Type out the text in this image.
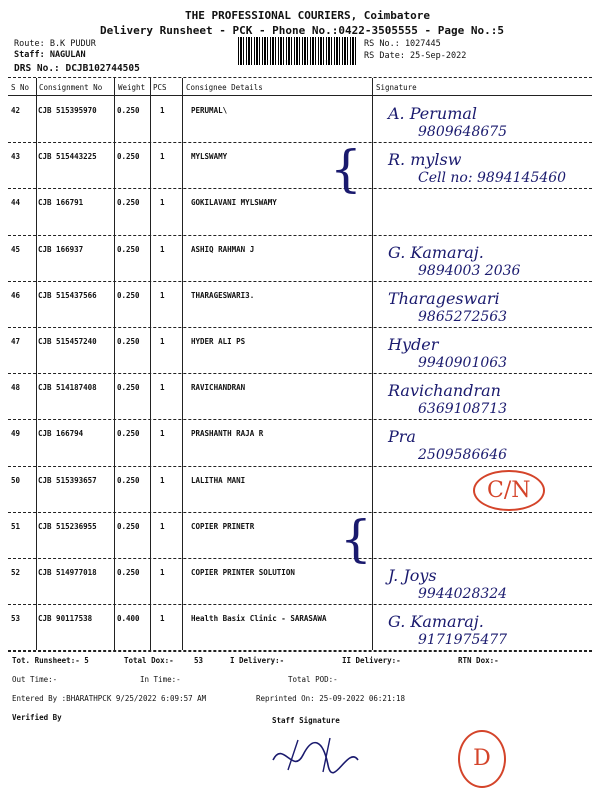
THE PROFESSIONAL COURIERS, Coimbatore
Delivery Runsheet - PCK - Phone No.:0422-3505555 - Page No.:5
Route: B.K PUDUR
Staff: NAGULAN
DRS No.: DCJB102744505
RS No.: 1027445
RS Date: 25-Sep-2022
S No Consignment No Weight PCS	Consignee Details	Signature
42 CJB 515395970	0.250	1	PERUMAL\	A. Perumal
9809648675
43 CJB 515443225	0.250	1	MYLSWAMY	R. mylsw
Cell no: 9894145460
44 CJB 166791	0.250	1	GOKILAVANI MYLSWAMY
45 CJB 166937	0.250	1	ASHIQ RAHMAN J	G. Kamaraj.
9894003 2036
46 CJB 515437566	0.250	1	THARAGESWARI3.	Tharageswari
9865272563
47 CJB 515457240	0.250	1	HYDER ALI PS	Hyder
9940901063
48 CJB 514187408	0.250	1	RAVICHANDRAN	Ravichandran
6369108713
49 CJB 166794	0.250	1	PRASHANTH RAJA R	Pra
2509586646
50 CJB 515393657	0.250	1	LALITHA MANI	C/N
51 CJB 515236955	0.250	1	COPIER PRINETR
52 CJB 514977018	0.250	1	COPIER PRINTER SOLUTION	J. Joys
9944028324
53 CJB 90117538	0.400	1	Health Basix Clinic - SARASAWA	G. Kamaraj.
9171975477
{
{
Tot. Runsheet:- 5	Total Dox:-	53	I Delivery:-	II Delivery:-	RTN Dox:-
Out Time:-	In Time:-	Total POD:-
Entered By :BHARATHPCK 9/25/2022 6:09:57 AM	Reprinted On: 25-09-2022 06:21:18
Verified By	Staff Signature
D
